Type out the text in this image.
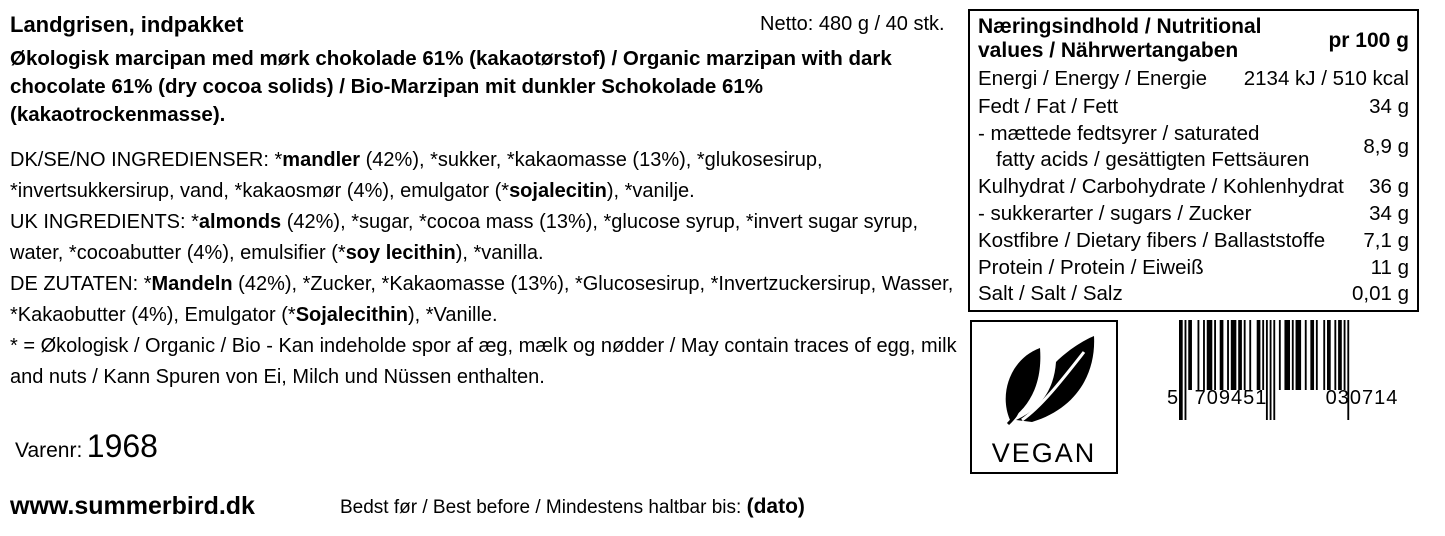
Landgrisen, indpakket	Netto: 480 g / 40 stk.
Økologisk marcipan med mørk chokolade 61% (kakaotørstof) / Organic marzipan with dark chocolate 61% (dry cocoa solids) / Bio-Marzipan mit dunkler Schokolade 61% (kakaotrockenmasse).
DK/SE/NO INGREDIENSER: *mandler (42%), *sukker, *kakaomasse (13%), *glukosesirup, *invertsukkersirup, vand, *kakaosmør (4%), emulgator (*sojalecitin), *vanilje.
UK INGREDIENTS: *almonds (42%), *sugar, *cocoa mass (13%), *glucose syrup, *invert sugar syrup, water, *cocoabutter (4%), emulsifier (*soy lecithin), *vanilla.
DE ZUTATEN: *Mandeln (42%), *Zucker, *Kakaomasse (13%), *Glucosesirup, *Invertzuckersirup, Wasser, *Kakaobutter (4%), Emulgator (*Sojalecithin), *Vanille.
* = Økologisk / Organic / Bio - Kan indeholde spor af æg, mælk og nødder / May contain traces of egg, milk and nuts / Kann Spuren von Ei, Milch und Nüssen enthalten.
Varenr: 1968
www.summerbird.dk	Bedst før / Best before / Mindestens haltbar bis: (dato)
Næringsindhold / Nutritional values / Nährwertangaben	pr 100 g
Energi / Energy / Energie 2134 kJ / 510 kcal
Fedt / Fat / Fett	34 g
- mættede fedtsyrer / saturated
fatty acids / gesättigten Fettsäuren
8,9 g
Kulhydrat / Carbohydrate / Kohlenhydrat 36 g
- sukkerarter / sugars / Zucker	34 g
Kostfibre / Dietary fibers / Ballaststoffe 7,1 g
Protein / Protein / Eiweiß	11 g
Salt / Salt / Salz	0,01 g
VEGAN
5 709451	030714
